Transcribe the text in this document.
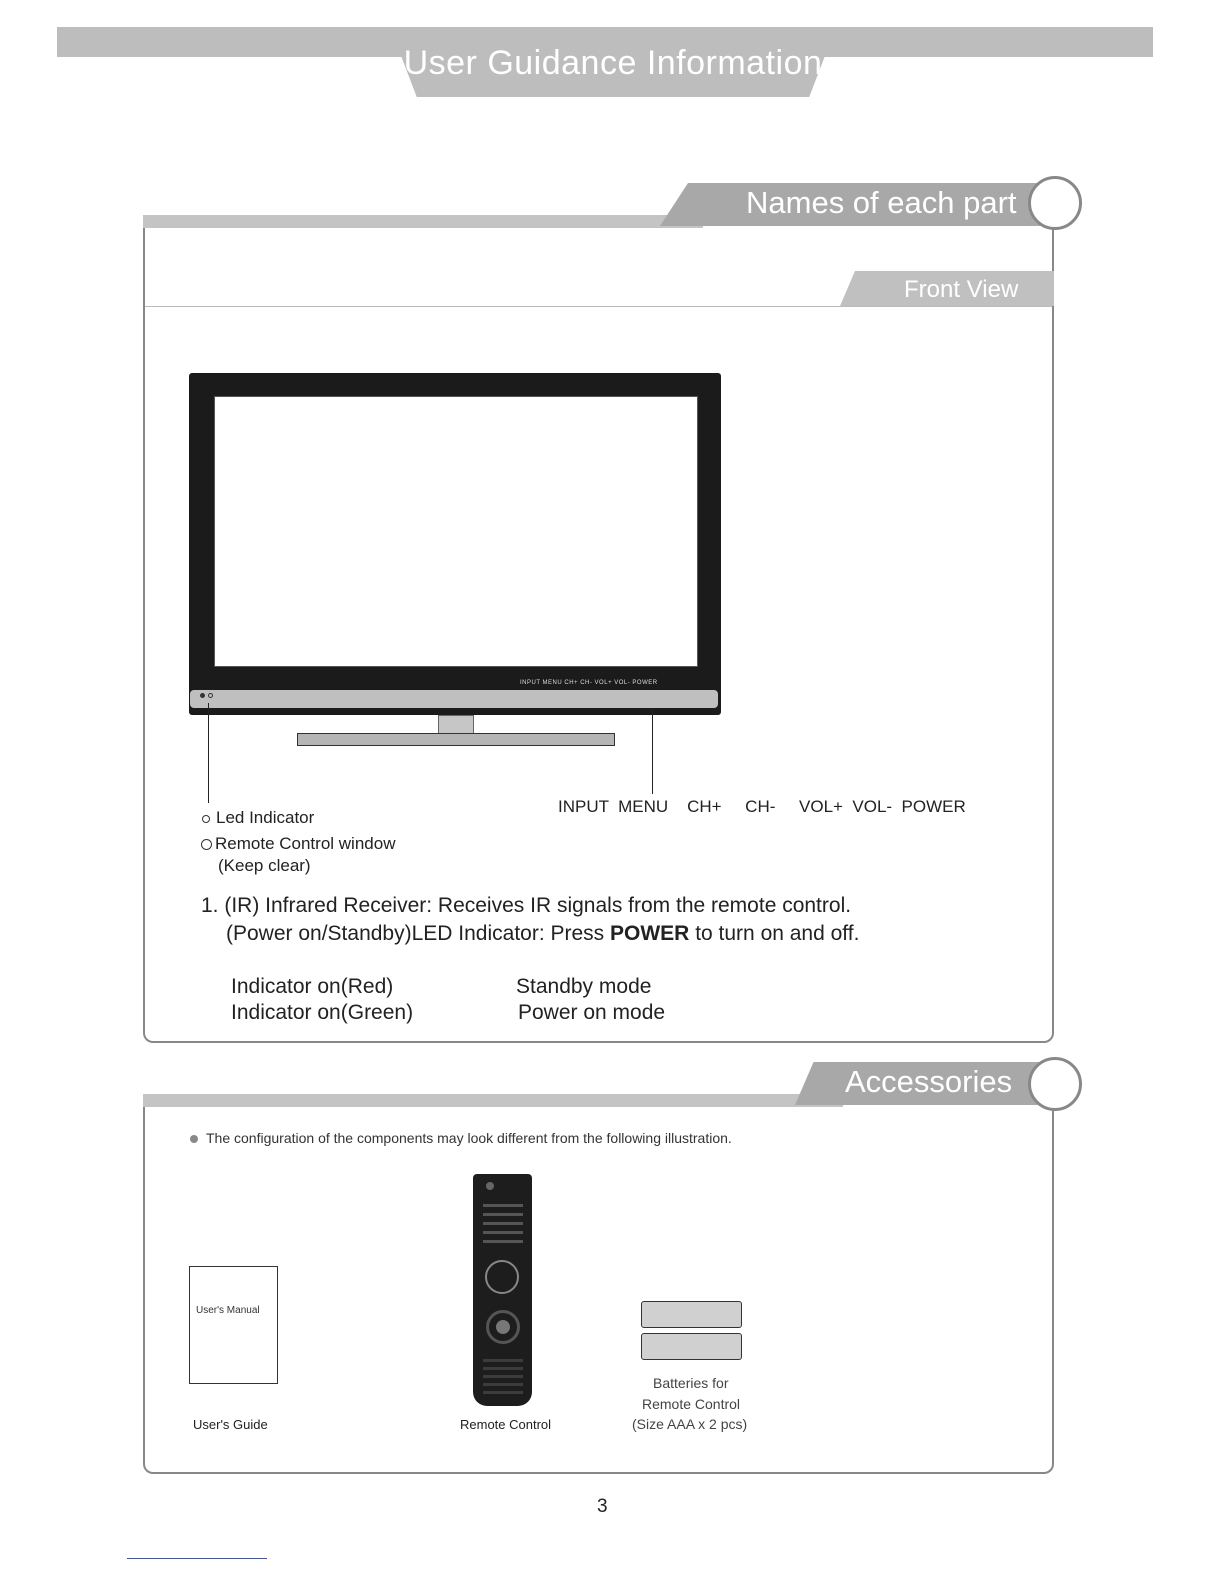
User Guidance Information
Names of each part
Front View
INPUT MENU CH+ CH- VOL+ VOL- POWER
Led Indicator
Remote Control window
(Keep clear)
INPUT  MENU    CH+     CH-     VOL+  VOL-  POWER
1. (IR) Infrared Receiver: Receives IR signals from the remote control.
(Power on/Standby)LED Indicator: Press POWER to turn on and off.
Indicator on(Red)	Standby mode
Indicator on(Green)	Power on mode
Accessories
The configuration of the components may look different from the following illustration.
User's Manual
User's Guide	Remote Control
Batteries for
Remote Control
(Size AAA x 2 pcs)
3
